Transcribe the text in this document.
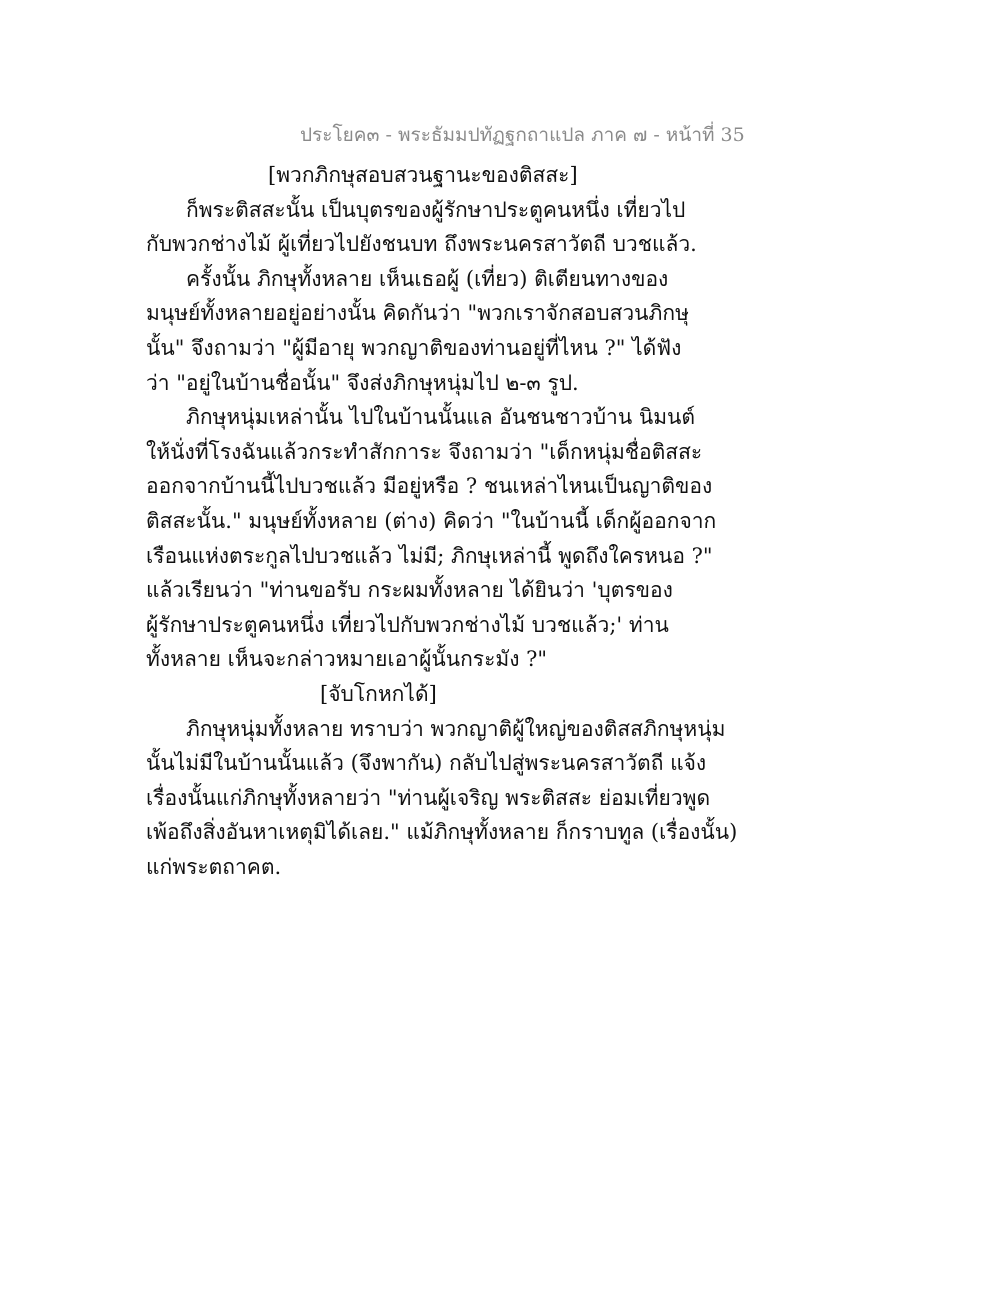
ประโยค๓ - พระธัมมปทัฏฐกถาแปล ภาค ๗ - หน้าที่ 35
[พวกภิกษุสอบสวนฐานะของติสสะ]
ก็พระติสสะนั้น เป็นบุตรของผู้รักษาประตูคนหนึ่ง เที่ยวไป
กับพวกช่างไม้ ผู้เที่ยวไปยังชนบท ถึงพระนครสาวัตถี บวชแล้ว.
ครั้งนั้น ภิกษุทั้งหลาย เห็นเธอผู้ (เที่ยว) ติเตียนทางของ
มนุษย์ทั้งหลายอยู่อย่างนั้น คิดกันว่า "พวกเราจักสอบสวนภิกษุ
นั้น" จึงถามว่า "ผู้มีอายุ พวกญาติของท่านอยู่ที่ไหน ?" ได้ฟัง
ว่า "อยู่ในบ้านชื่อนั้น" จึงส่งภิกษุหนุ่มไป ๒-๓ รูป.
ภิกษุหนุ่มเหล่านั้น ไปในบ้านนั้นแล อันชนชาวบ้าน นิมนต์
ให้นั่งที่โรงฉันแล้วกระทำสักการะ จึงถามว่า "เด็กหนุ่มชื่อติสสะ
ออกจากบ้านนี้ไปบวชแล้ว มีอยู่หรือ ? ชนเหล่าไหนเป็นญาติของ
ติสสะนั้น." มนุษย์ทั้งหลาย (ต่าง) คิดว่า "ในบ้านนี้ เด็กผู้ออกจาก
เรือนแห่งตระกูลไปบวชแล้ว ไม่มี; ภิกษุเหล่านี้ พูดถึงใครหนอ ?"
แล้วเรียนว่า "ท่านขอรับ กระผมทั้งหลาย ได้ยินว่า 'บุตรของ
ผู้รักษาประตูคนหนึ่ง เที่ยวไปกับพวกช่างไม้ บวชแล้ว;' ท่าน
ทั้งหลาย เห็นจะกล่าวหมายเอาผู้นั้นกระมัง ?"
[จับโกหกได้]
ภิกษุหนุ่มทั้งหลาย ทราบว่า พวกญาติผู้ใหญ่ของติสสภิกษุหนุ่ม
นั้นไม่มีในบ้านนั้นแล้ว (จึงพากัน) กลับไปสู่พระนครสาวัตถี แจ้ง
เรื่องนั้นแก่ภิกษุทั้งหลายว่า "ท่านผู้เจริญ พระติสสะ ย่อมเที่ยวพูด
เพ้อถึงสิ่งอันหาเหตุมิได้เลย." แม้ภิกษุทั้งหลาย ก็กราบทูล (เรื่องนั้น)
แก่พระตถาคต.
